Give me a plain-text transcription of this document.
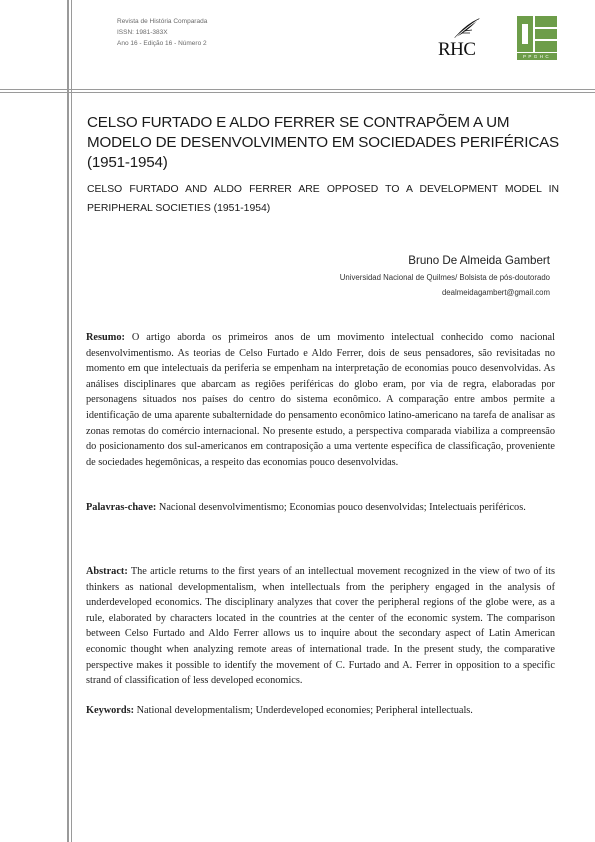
Revista de História Comparada
ISSN: 1981-383X
Ano 16 - Edição 16 - Número 2	RHC	PPGHC
CELSO FURTADO E ALDO FERRER SE CONTRAPÕEM A UM MODELO DE DESENVOLVIMENTO EM SOCIEDADES PERIFÉRICAS (1951-1954)
CELSO FURTADO AND ALDO FERRER ARE OPPOSED TO A DEVELOPMENT MODEL IN PERIPHERAL SOCIETIES (1951-1954)
Bruno De Almeida Gambert
Universidad Nacional de Quilmes/ Bolsista de pós-doutorado
dealmeidagambert@gmail.com
Resumo: O artigo aborda os primeiros anos de um movimento intelectual conhecido como nacional desenvolvimentismo. As teorias de Celso Furtado e Aldo Ferrer, dois de seus pensadores, são revisitadas no momento em que intelectuais da periferia se empenham na interpretação de economias pouco desenvolvidas. As análises disciplinares que abarcam as regiões periféricas do globo eram, por via de regra, elaboradas por personagens situados nos países do centro do sistema econômico. A comparação entre ambos permite a identificação de uma aparente subalternidade do pensamento econômico latino-americano na tarefa de analisar as zonas remotas do comércio internacional. No presente estudo, a perspectiva comparada viabiliza a compreensão do posicionamento dos sul-americanos em contraposição a uma vertente específica de classificação, proveniente de sociedades hegemônicas, a respeito das economias pouco desenvolvidas.
Palavras-chave: Nacional desenvolvimentismo; Economias pouco desenvolvidas; Intelectuais periféricos.
Abstract: The article returns to the first years of an intellectual movement recognized in the view of two of its thinkers as national developmentalism, when intellectuals from the periphery engaged in the analysis of underdeveloped economics. The disciplinary analyzes that cover the peripheral regions of the globe were, as a rule, elaborated by characters located in the countries at the center of the economic system. The comparison between Celso Furtado and Aldo Ferrer allows us to inquire about the secondary aspect of Latin American economic thought when analyzing remote areas of international trade. In the present study, the comparative perspective makes it possible to identify the movement of C. Furtado and A. Ferrer in opposition to a specific strand of classification of less developed economics.
Keywords: National developmentalism; Underdeveloped economies; Peripheral intellectuals.
